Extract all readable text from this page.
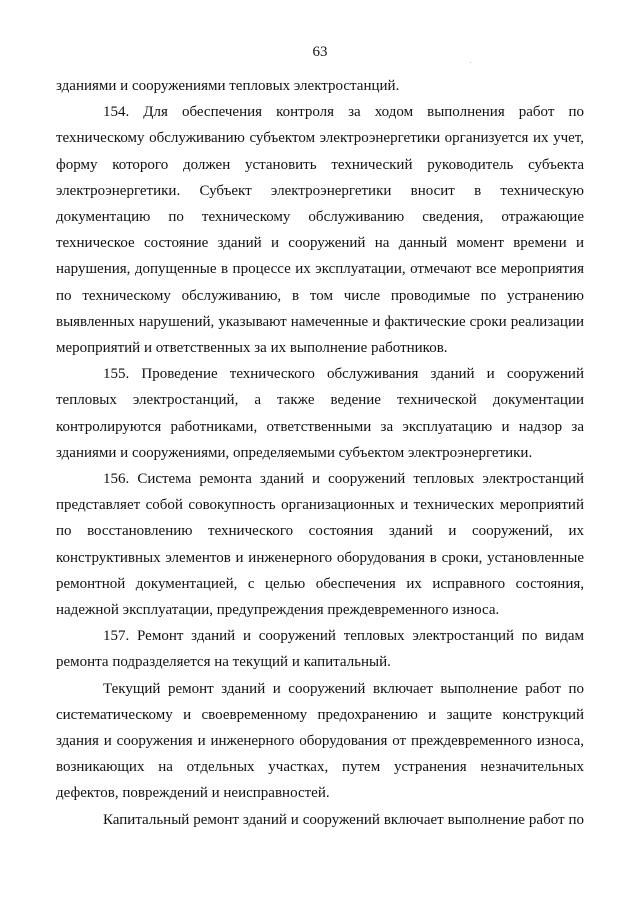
63
зданиями и сооружениями тепловых электростанций.
154. Для обеспечения контроля за ходом выполнения работ по
техническому обслуживанию субъектом электроэнергетики организуется их учет,
форму которого должен установить технический руководитель субъекта
электроэнергетики. Субъект электроэнергетики вносит в техническую
документацию по техническому обслуживанию сведения, отражающие
техническое состояние зданий и сооружений на данный момент времени и
нарушения, допущенные в процессе их эксплуатации, отмечают все мероприятия
по техническому обслуживанию, в том числе проводимые по устранению
выявленных нарушений, указывают намеченные и фактические сроки реализации
мероприятий и ответственных за их выполнение работников.
155. Проведение технического обслуживания зданий и сооружений
тепловых электростанций, а также ведение технической документации
контролируются работниками, ответственными за эксплуатацию и надзор за
зданиями и сооружениями, определяемыми субъектом электроэнергетики.
156. Система ремонта зданий и сооружений тепловых электростанций
представляет собой совокупность организационных и технических мероприятий
по восстановлению технического состояния зданий и сооружений, их
конструктивных элементов и инженерного оборудования в сроки, установленные
ремонтной документацией, с целью обеспечения их исправного состояния,
надежной эксплуатации, предупреждения преждевременного износа.
157. Ремонт зданий и сооружений тепловых электростанций по видам
ремонта подразделяется на текущий и капитальный.
Текущий ремонт зданий и сооружений включает выполнение работ по
систематическому и своевременному предохранению и защите конструкций
здания и сооружения и инженерного оборудования от преждевременного износа,
возникающих на отдельных участках, путем устранения незначительных
дефектов, повреждений и неисправностей.
Капитальный ремонт зданий и сооружений включает выполнение работ по
